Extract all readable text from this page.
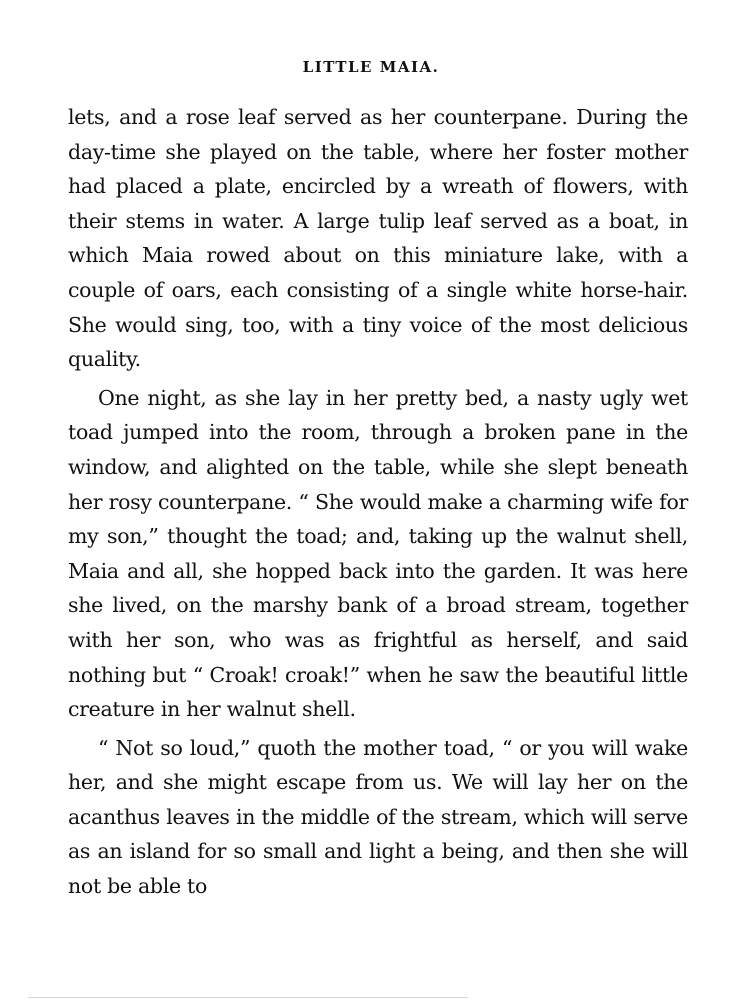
LITTLE MAIA.

lets, and a rose leaf served as her counterpane. During the day-time she played on the table, where her foster mother had placed a plate, encircled by a wreath of flowers, with their stems in water. A large tulip leaf served as a boat, in which Maia rowed about on this miniature lake, with a couple of oars, each consisting of a single white horse-hair. She would sing, too, with a tiny voice of the most delicious quality.

One night, as she lay in her pretty bed, a nasty ugly wet toad jumped into the room, through a broken pane in the window, and alighted on the table, while she slept beneath her rosy counterpane. “ She would make a charming wife for my son,” thought the toad; and, taking up the walnut shell, Maia and all, she hopped back into the garden. It was here she lived, on the marshy bank of a broad stream, together with her son, who was as frightful as herself, and said nothing but “ Croak! croak!” when he saw the beautiful little creature in her walnut shell.

“ Not so loud,” quoth the mother toad, “ or you will wake her, and she might escape from us. We will lay her on the acanthus leaves in the middle of the stream, which will serve as an island for so small and light a being, and then she will not be able to
